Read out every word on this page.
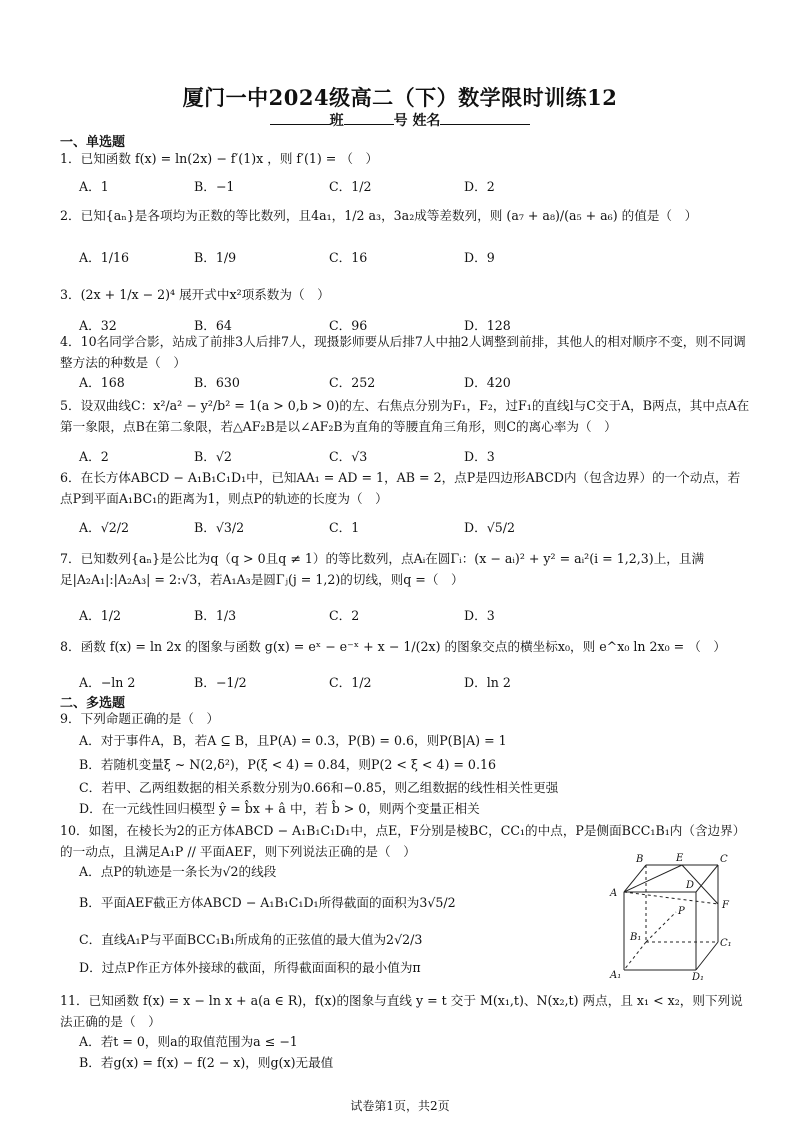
厦门一中2024级高二（下）数学限时训练12
班	号 姓名
一、单选题
1．已知函数 f(x) = ln(2x) − f′(1)x ，则 f′(1) = （　）
A．1	B．−1	C．1/2	D．2
2．已知{aₙ}是各项均为正数的等比数列，且4a₁，1/2 a₃，3a₂成等差数列，则 (a₇ + a₈)/(a₅ + a₆) 的值是（　）
A．1/16	B．1/9	C．16	D．9
3．(2x + 1/x − 2)⁴ 展开式中x²项系数为（　）
A．32	B．64	C．96	D．128
4．10名同学合影，站成了前排3人后排7人，现摄影师要从后排7人中抽2人调整到前排，其他人的相对顺序不变，则不同调整方法的种数是（　）
A．168	B．630	C．252	D．420
5．设双曲线C：x²/a² − y²/b² = 1(a > 0,b > 0)的左、右焦点分别为F₁，F₂，过F₁的直线l与C交于A，B两点，其中点A在第一象限，点B在第二象限，若△AF₂B是以∠AF₂B为直角的等腰直角三角形，则C的离心率为（　）
A．2	B．√2	C．√3	D．3
6．在长方体ABCD − A₁B₁C₁D₁中，已知AA₁ = AD = 1，AB = 2，点P是四边形ABCD内（包含边界）的一个动点，若点P到平面A₁BC₁的距离为1，则点P的轨迹的长度为（　）
A．√2/2	B．√3/2	C．1	D．√5/2
7．已知数列{aₙ}是公比为q（q > 0且q ≠ 1）的等比数列，点Aᵢ在圆Γᵢ：(x − aᵢ)² + y² = aᵢ²(i = 1,2,3)上，且满足|A₂A₁|:|A₂A₃| = 2:√3，若A₁A₃是圆Γⱼ(j = 1,2)的切线，则q =（　）
A．1/2	B．1/3	C．2	D．3
8．函数 f(x) = ln 2x 的图象与函数 g(x) = eˣ − e⁻ˣ + x − 1/(2x) 的图象交点的横坐标x₀，则 e^x₀ ln 2x₀ = （　）
A．−ln 2	B．−1/2	C．1/2	D．ln 2
二、多选题
9．下列命题正确的是（　）
A．对于事件A，B，若A ⊆ B，且P(A) = 0.3，P(B) = 0.6，则P(B|A) = 1
B．若随机变量ξ ~ N(2,δ²)，P(ξ < 4) = 0.84，则P(2 < ξ < 4) = 0.16
C．若甲、乙两组数据的相关系数分别为0.66和−0.85，则乙组数据的线性相关性更强
D．在一元线性回归模型 ŷ = b̂x + â 中，若 b̂ > 0，则两个变量正相关
10．如图，在棱长为2的正方体ABCD − A₁B₁C₁D₁中，点E，F分别是棱BC，CC₁的中点，P是侧面BCC₁B₁内（含边界）的一动点，且满足A₁P // 平面AEF，则下列说法正确的是（　）
A．点P的轨迹是一条长为√2的线段
B．平面AEF截正方体ABCD − A₁B₁C₁D₁所得截面的面积为3√5/2
C．直线A₁P与平面BCC₁B₁所成角的正弦值的最大值为2√2/3
D．过点P作正方体外接球的截面，所得截面面积的最小值为π
A
B	C
D
E
F
P
A₁
B₁
C₁
D₁
11．已知函数 f(x) = x − ln x + a(a ∈ R)，f(x)的图象与直线 y = t 交于 M(x₁,t)、N(x₂,t) 两点，且 x₁ < x₂，则下列说法正确的是（　）
A．若t = 0，则a的取值范围为a ≤ −1
B．若g(x) = f(x) − f(2 − x)，则g(x)无最值
试卷第1页，共2页
